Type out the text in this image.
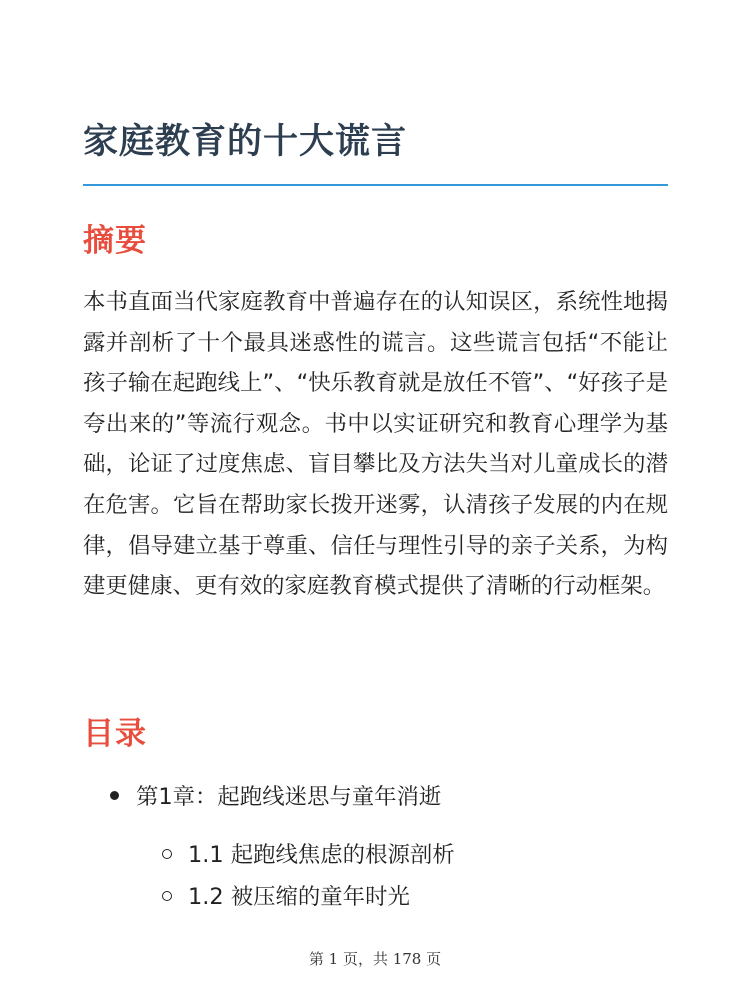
家庭教育的十大谎言
摘要

本书直面当代家庭教育中普遍存在的认知误区，系统性地揭露并剖析了十个最具迷惑性的谎言。这些谎言包括“不能让孩子输在起跑线上”、“快乐教育就是放任不管”、“好孩子是夸出来的”等流行观念。书中以实证研究和教育心理学为基础，论证了过度焦虑、盲目攀比及方法失当对儿童成长的潜在危害。它旨在帮助家长拨开迷雾，认清孩子发展的内在规律，倡导建立基于尊重、信任与理性引导的亲子关系，为构建更健康、更有效的家庭教育模式提供了清晰的行动框架。

目录
第1章：起跑线迷思与童年消逝
1.1 起跑线焦虑的根源剖析
1.2 被压缩的童年时光
第 1 页，共 178 页
